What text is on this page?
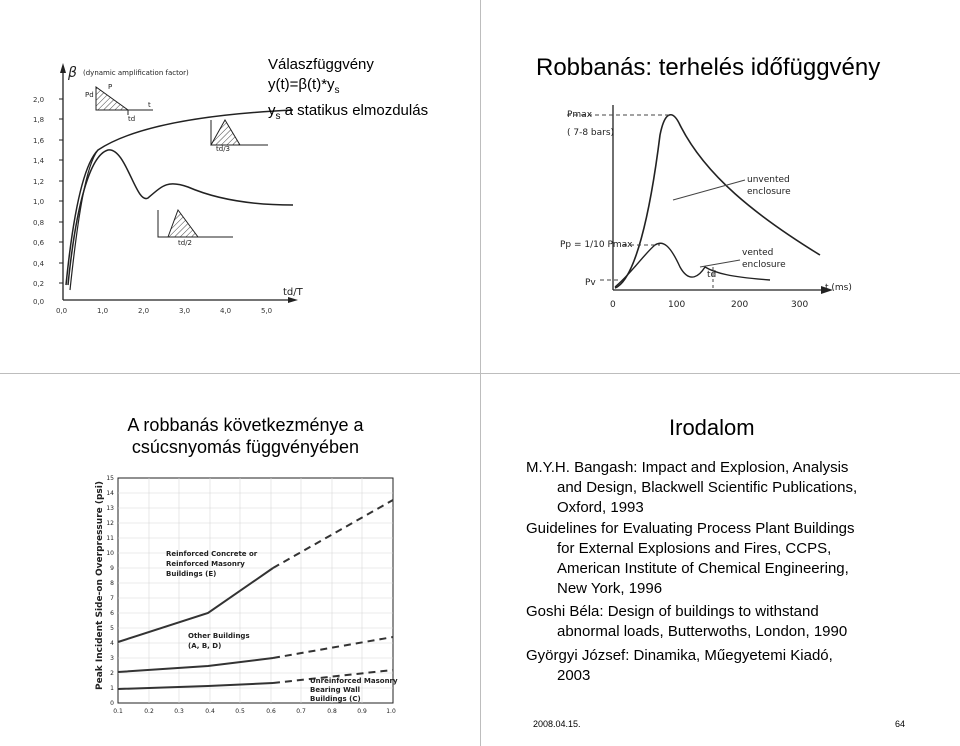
2,0
1,8
1,6
1,4
1,2
1,0
0,8
0,6
0,4
0,2
0,0
0,0	1,0	2,0	3,0	4,0	5,0
td/T
β (dynamic amplification factor)
Pd
P
t
td
td/3
td/2
Válaszfüggvény
$y(t)=\beta(t)*y_s$
$y_s$ a statikus elmozdulás
Robbanás: terhelés időfüggvény
Pmax
( 7-8 bars)
Pp = 1/10 Pmax
Pv
td
unvented
enclosure
vented
enclosure
0	100	200	300
t (ms)
A robbanás következménye a
csúcsnyomás függvényében
Peak Incident Side-on Overpressure (psi)
15
14
13
12
11
10
9
8
7
6
5
4
3
2
1
0
0.1	0.2	0.3	0.4	0.5	0.6	0.7	0.8	0.9	1.0
Reinforced Concrete or
Reinforced Masonry
Buildings (E)
Other Buildings
(A, B, D)
Unreinforced Masonry
Bearing Wall
Buildings (C)
Irodalom
M.Y.H. Bangash: Impact and Explosion, Analysis
and Design, Blackwell Scientific Publications,
Oxford, 1993
Guidelines for Evaluating Process Plant Buildings
for External Explosions and Fires, CCPS,
American Institute of Chemical Engineering,
New York, 1996
Goshi Béla: Design of buildings to withstand
abnormal loads, Butterwoths, London, 1990
Györgyi József: Dinamika, Műegyetemi Kiadó,
2003
2008.04.15.	64
